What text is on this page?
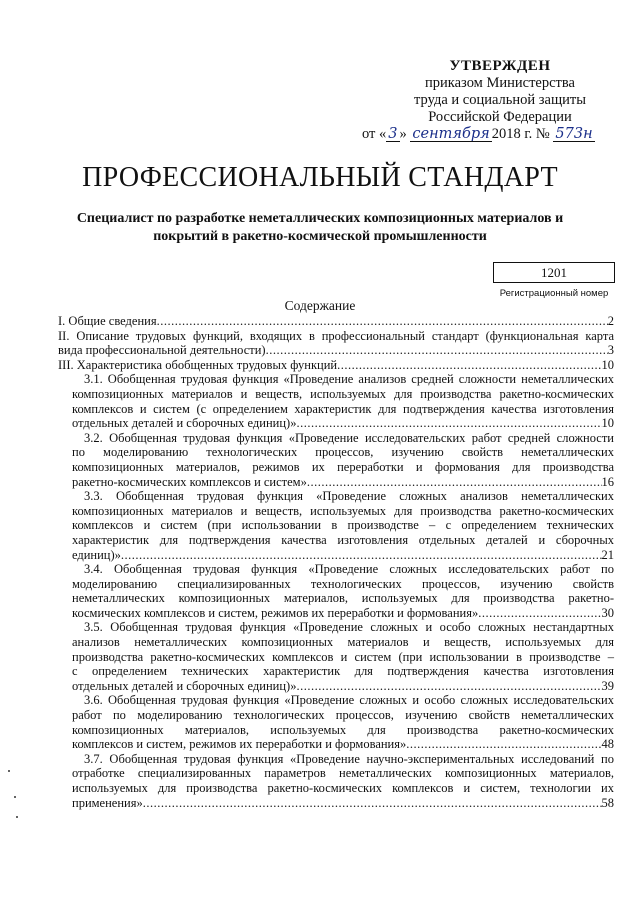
УТВЕРЖДЕН
приказом Министерства
труда и социальной защиты
Российской Федерации
от « 3 » сентября 2018 г. № 573н
ПРОФЕССИОНАЛЬНЫЙ СТАНДАРТ
Специалист по разработке неметаллических композиционных материалов и
покрытий в ракетно-космической промышленности
1201
Регистрационный номер
Содержание
I. Общие сведения .....	2
II. Описание трудовых функций, входящих в профессиональный стандарт (функциональная карта
вида профессиональной деятельности) .....	3
III. Характеристика обобщенных трудовых функций .....	10
3.1. Обобщенная трудовая функция «Проведение анализов средней сложности неметаллических
композиционных материалов и веществ, используемых для производства ракетно-космических
комплексов и систем (с определением характеристик для подтверждения качества изготовления
отдельных деталей и сборочных единиц)» .....	10
3.2. Обобщенная трудовая функция «Проведение исследовательских работ средней сложности
по моделированию технологических процессов, изучению свойств неметаллических
композиционных материалов, режимов их переработки и формования для производства
ракетно-космических комплексов и систем» .....	16
3.3. Обобщенная трудовая функция «Проведение сложных анализов неметаллических
композиционных материалов и веществ, используемых для производства ракетно-космических
комплексов и систем (при использовании в производстве – с определением технических
характеристик для подтверждения качества изготовления отдельных деталей и сборочных
единиц)» .....	21
3.4. Обобщенная трудовая функция «Проведение сложных исследовательских работ по
моделированию специализированных технологических процессов, изучению свойств
неметаллических композиционных материалов, используемых для производства ракетно-
космических комплексов и систем, режимов их переработки и формования» .....	30
3.5. Обобщенная трудовая функция «Проведение сложных и особо сложных нестандартных
анализов неметаллических композиционных материалов и веществ, используемых для
производства ракетно-космических комплексов и систем (при использовании в производстве –
с определением технических характеристик для подтверждения качества изготовления
отдельных деталей и сборочных единиц)» .....	39
3.6. Обобщенная трудовая функция «Проведение сложных и особо сложных исследовательских
работ по моделированию технологических процессов, изучению свойств неметаллических
композиционных материалов, используемых для производства ракетно-космических
комплексов и систем, режимов их переработки и формования» .....	48
3.7. Обобщенная трудовая функция «Проведение научно-экспериментальных исследований по
отработке специализированных параметров неметаллических композиционных материалов,
используемых для производства ракетно-космических комплексов и систем, технологии их
применения» .....	58
